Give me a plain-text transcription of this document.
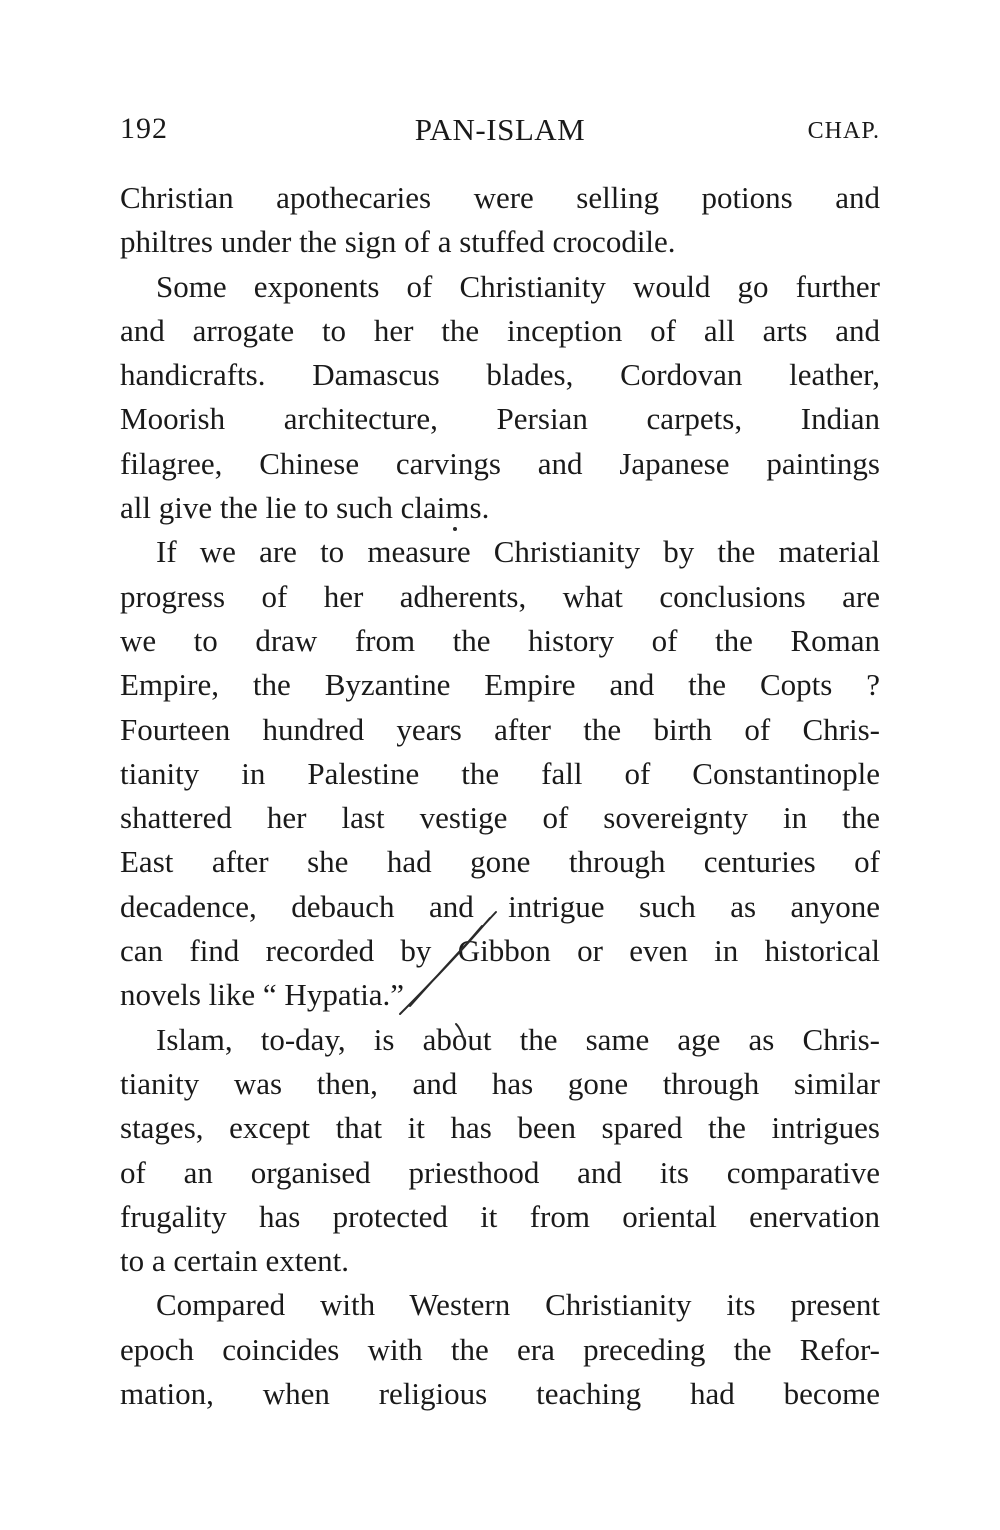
192	PAN-ISLAM	CHAP.
Christian apothecaries were selling potions and
philtres under the sign of a stuffed crocodile.
Some exponents of Christianity would go further
and arrogate to her the inception of all arts and
handicrafts. Damascus blades, Cordovan leather,
Moorish architecture, Persian carpets, Indian
filagree, Chinese carvings and Japanese paintings
all give the lie to such claims.
If we are to measure Christianity by the material
progress of her adherents, what conclusions are
we to draw from the history of the Roman
Empire, the Byzantine Empire and the Copts ?
Fourteen hundred years after the birth of Chris-
tianity in Palestine the fall of Constantinople
shattered her last vestige of sovereignty in the
East after she had gone through centuries of
decadence, debauch and intrigue such as anyone
can find recorded by Gibbon or even in historical
novels like “ Hypatia.”
Islam, to-day, is about the same age as Chris-
tianity was then, and has gone through similar
stages, except that it has been spared the intrigues
of an organised priesthood and its comparative
frugality has protected it from oriental enervation
to a certain extent.
Compared with Western Christianity its present
epoch coincides with the era preceding the Refor-
mation, when religious teaching had become
